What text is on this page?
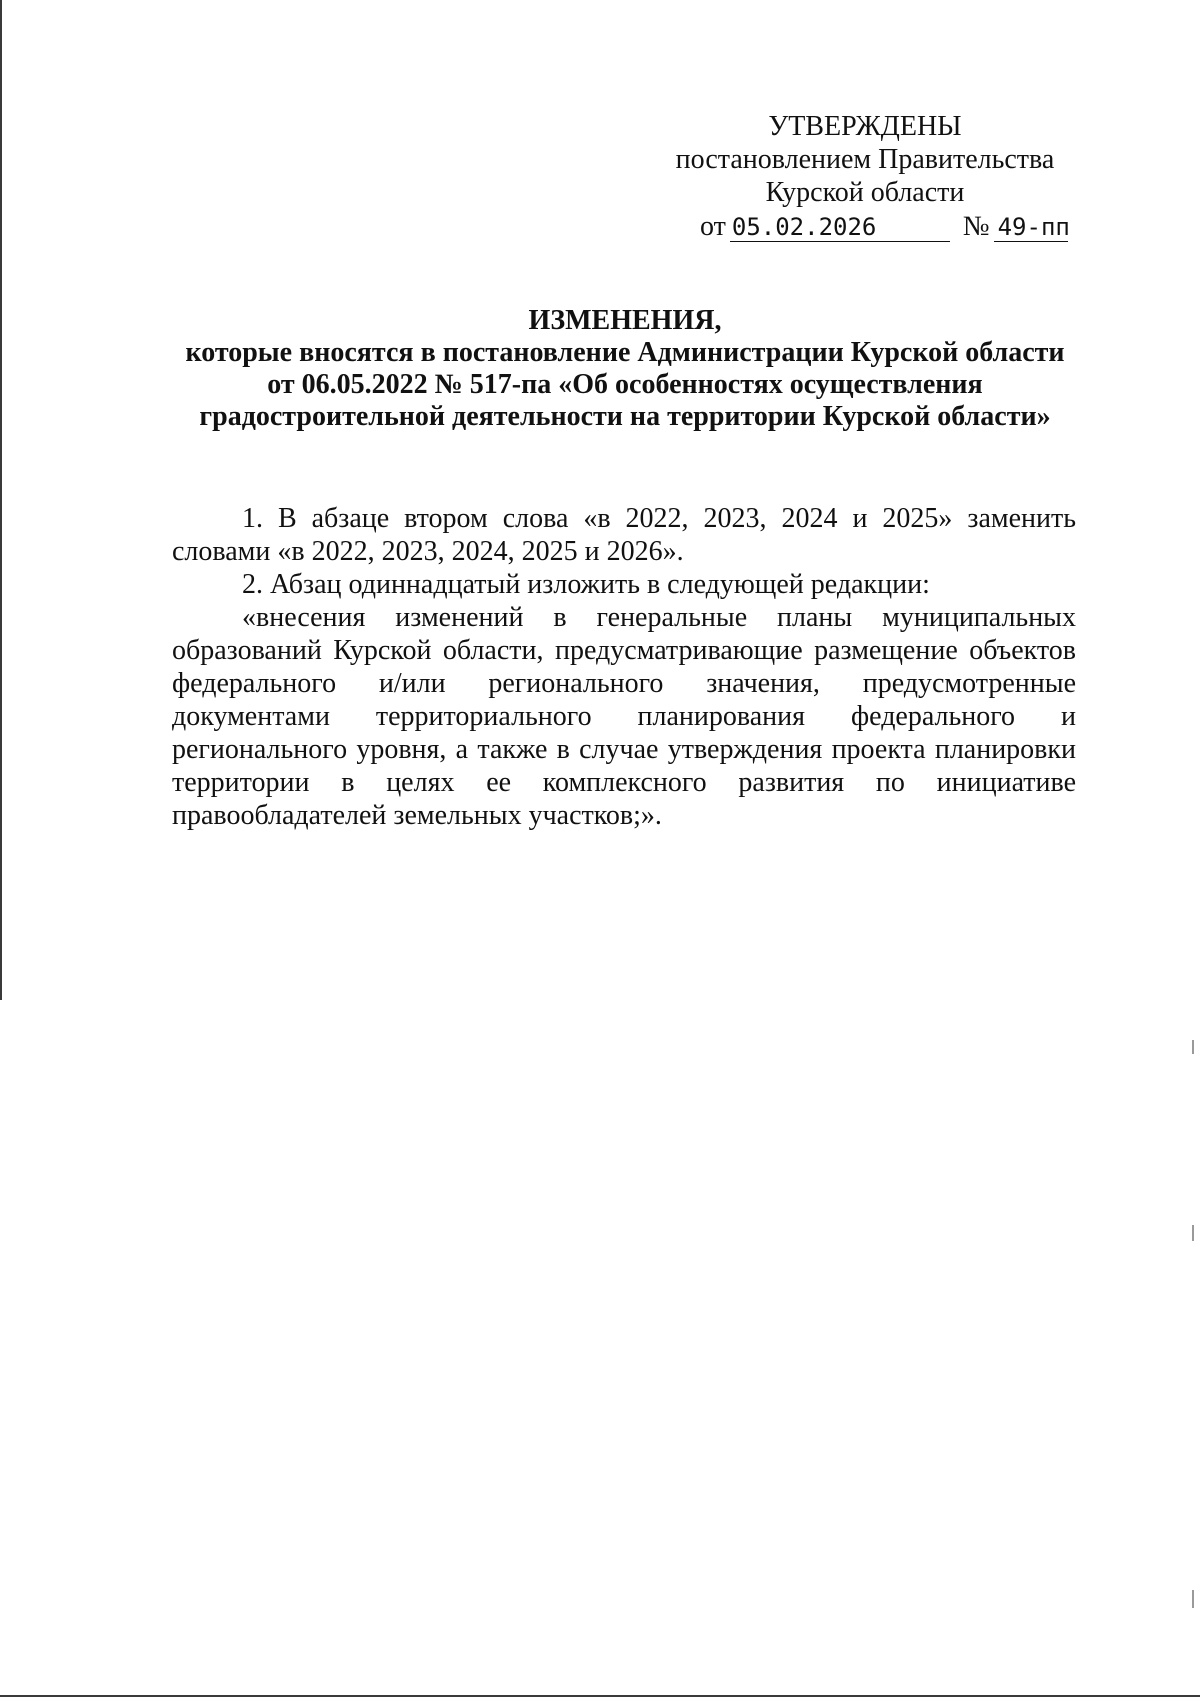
УТВЕРЖДЕНЫ
постановлением Правительства
Курской области
от 05.02.2026	№ 49-пп
ИЗМЕНЕНИЯ,
которые вносятся в постановление Администрации Курской области
от 06.05.2022 № 517-па «Об особенностях осуществления
градостроительной деятельности на территории Курской области»
1. В абзаце втором слова «в 2022, 2023, 2024 и 2025» заменить
словами «в 2022, 2023, 2024, 2025 и 2026».
2. Абзац одиннадцатый изложить в следующей редакции:
«внесения изменений в генеральные планы муниципальных
образований Курской области, предусматривающие размещение объектов
федерального и/или регионального значения, предусмотренные
документами территориального планирования федерального и
регионального уровня, а также в случае утверждения проекта планировки
территории в целях ее комплексного развития по инициативе
правообладателей земельных участков;».
